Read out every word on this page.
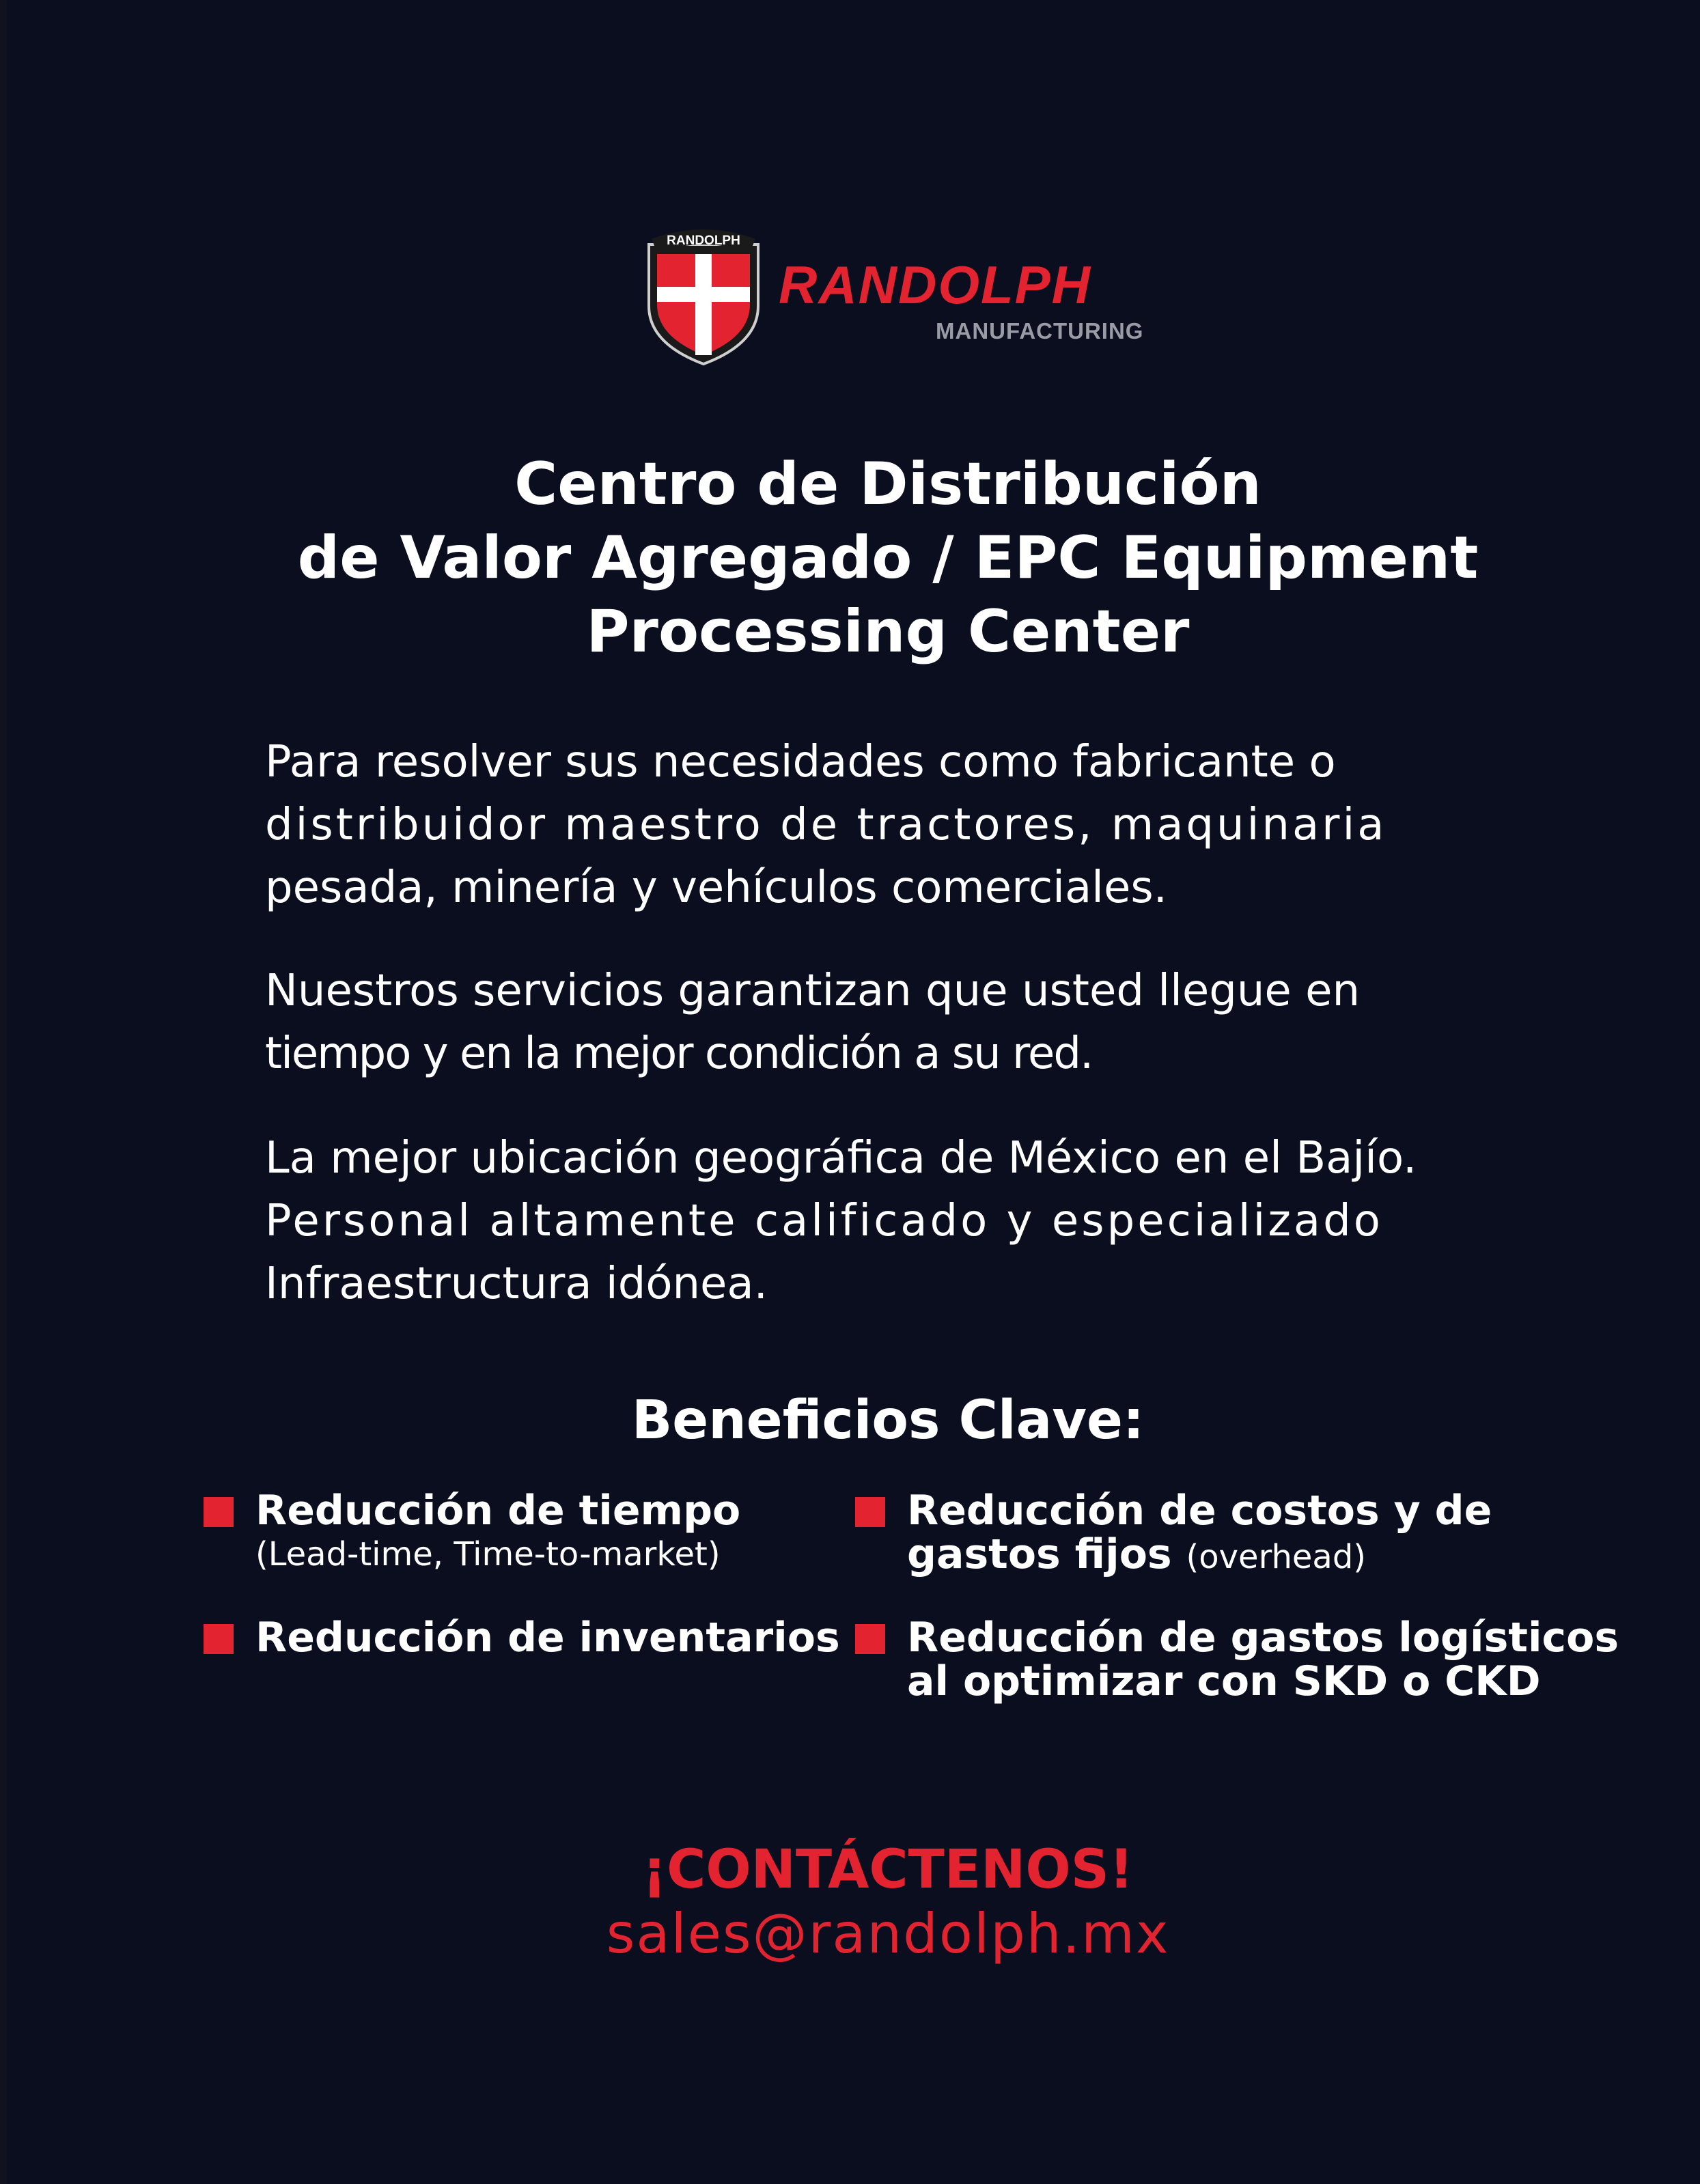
RANDOLPH
RANDOLPH
MANUFACTURING
Centro de Distribución
de Valor Agregado / EPC Equipment
Processing Center

Para resolver sus necesidades como fabricante o
distribuidor maestro de tractores, maquinaria
pesada, minería y vehículos comerciales.

Nuestros servicios garantizan que usted llegue en
tiempo y en la mejor condición a su red.

La mejor ubicación geográfica de México en el Bajío.
Personal altamente calificado y especializado
Infraestructura idónea.

Beneficios Clave:
Reducción de tiempo
(Lead-time, Time-to-market)
Reducción de costos y de
gastos fijos (overhead)
Reducción de inventarios Reducción de gastos logísticos
al optimizar con SKD o CKD
¡CONTÁCTENOS!
sales@randolph.mx
